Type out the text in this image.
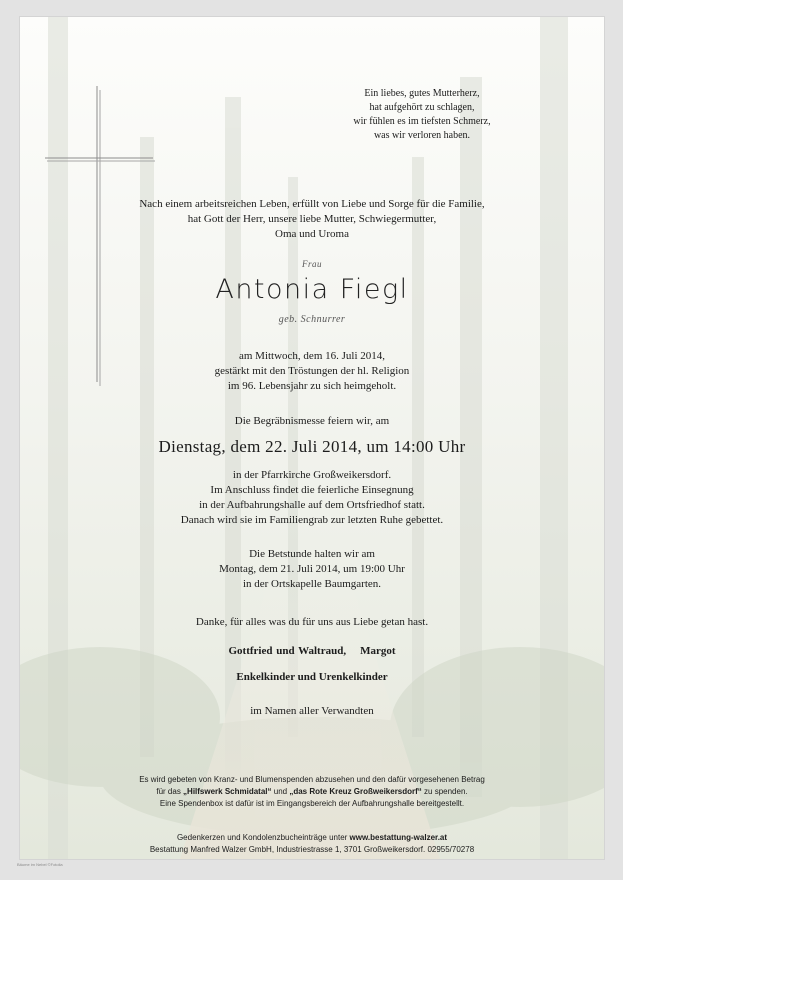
Ein liebes, gutes Mutterherz,
hat aufgehört zu schlagen,
wir fühlen es im tiefsten Schmerz,
was wir verloren haben.
Nach einem arbeitsreichen Leben, erfüllt von Liebe und Sorge für die Familie,
hat Gott der Herr, unsere liebe Mutter, Schwiegermutter,
Oma und Uroma
Frau
Antonia Fiegl
geb. Schnurrer
am Mittwoch, dem 16. Juli 2014,
gestärkt mit den Tröstungen der hl. Religion
im 96. Lebensjahr zu sich heimgeholt.
Die Begräbnismesse feiern wir, am
Dienstag, dem 22. Juli 2014, um 14:00 Uhr
in der Pfarrkirche Großweikersdorf.
Im Anschluss findet die feierliche Einsegnung
in der Aufbahrungshalle auf dem Ortsfriedhof statt.
Danach wird sie im Familiengrab zur letzten Ruhe gebettet.
Die Betstunde halten wir am
Montag, dem 21. Juli 2014, um 19:00 Uhr
in der Ortskapelle Baumgarten.
Danke, für alles was du für uns aus Liebe getan hast.
Gottfried und Waltraud, Margot
Enkelkinder und Urenkelkinder
im Namen aller Verwandten
Es wird gebeten von Kranz- und Blumenspenden abzusehen und den dafür vorgesehenen Betrag
für das „Hilfswerk Schmidatal“ und „das Rote Kreuz Großweikersdorf“ zu spenden.
Eine Spendenbox ist dafür ist im Eingangsbereich der Aufbahrungshalle bereitgestellt.
Gedenkerzen und Kondolenzbucheinträge unter www.bestattung-walzer.at
Bestattung Manfred Walzer GmbH, Industriestrasse 1, 3701 Großweikersdorf. 02955/70278
Bäume im Nebel ©Fotolia
